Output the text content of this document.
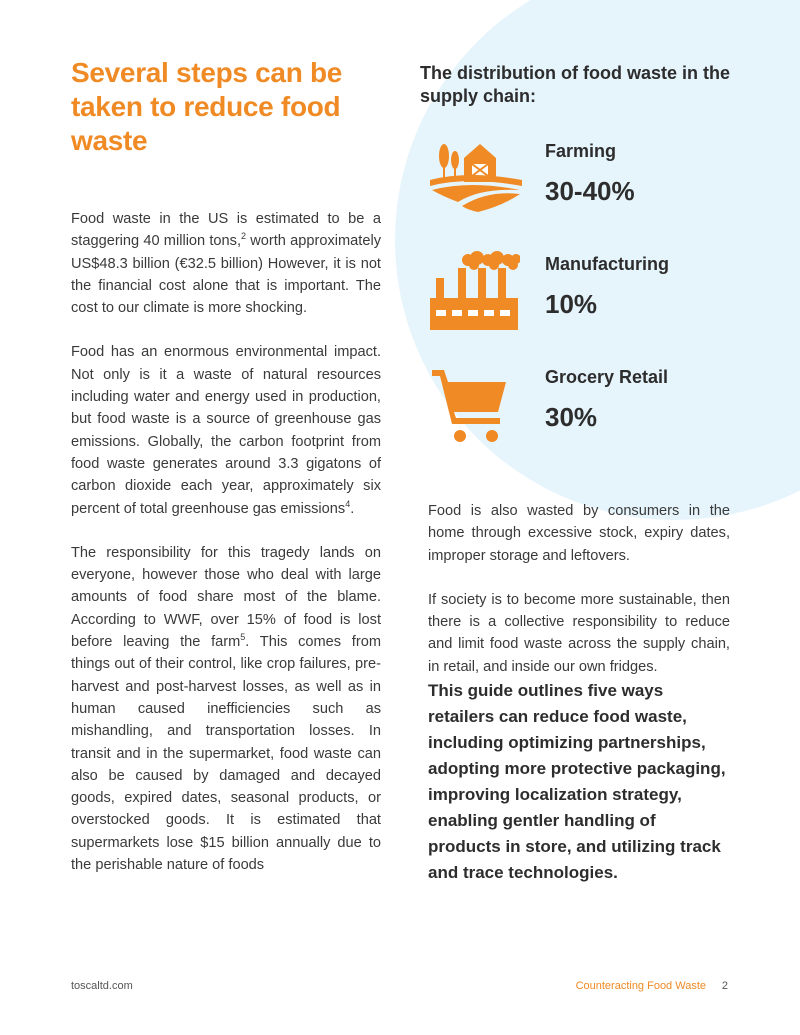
Several steps can be taken to reduce food waste

Food waste in the US is estimated to be a staggering 40 million tons,$^2$ worth approximately US$48.3 billion (€32.5 billion) However, it is not the financial cost alone that is important. The cost to our climate is more shocking.

Food has an enormous environmental impact. Not only is it a waste of natural resources including water and energy used in production, but food waste is a source of greenhouse gas emissions. Globally, the carbon footprint from food waste generates around 3.3 gigatons of carbon dioxide each year, approximately six percent of total greenhouse gas emissions$^4$.

The responsibility for this tragedy lands on everyone, however those who deal with large amounts of food share most of the blame. According to WWF, over 15% of food is lost before leaving the farm$^5$. This comes from things out of their control, like crop failures, pre-harvest and post-harvest losses, as well as in human caused inefficiencies such as mishandling, and transportation losses. In transit and in the supermarket, food waste can also be caused by damaged and decayed goods, expired dates, seasonal products, or overstocked goods. It is estimated that supermarkets lose $15 billion annually due to the perishable nature of foods

The distribution of food waste in the supply chain:
Farming
30-40%
Manufacturing
10%
Grocery Retail
30%

Food is also wasted by consumers in the home through excessive stock, expiry dates, improper storage and leftovers.

If society is to become more sustainable, then there is a collective responsibility to reduce and limit food waste across the supply chain, in retail, and inside our own fridges.

This guide outlines five ways retailers can reduce food waste, including optimizing partnerships, adopting more protective packaging, improving localization strategy, enabling gentler handling of products in store, and utilizing track and trace technologies.

toscaltd.com	Counteracting Food Waste 2
